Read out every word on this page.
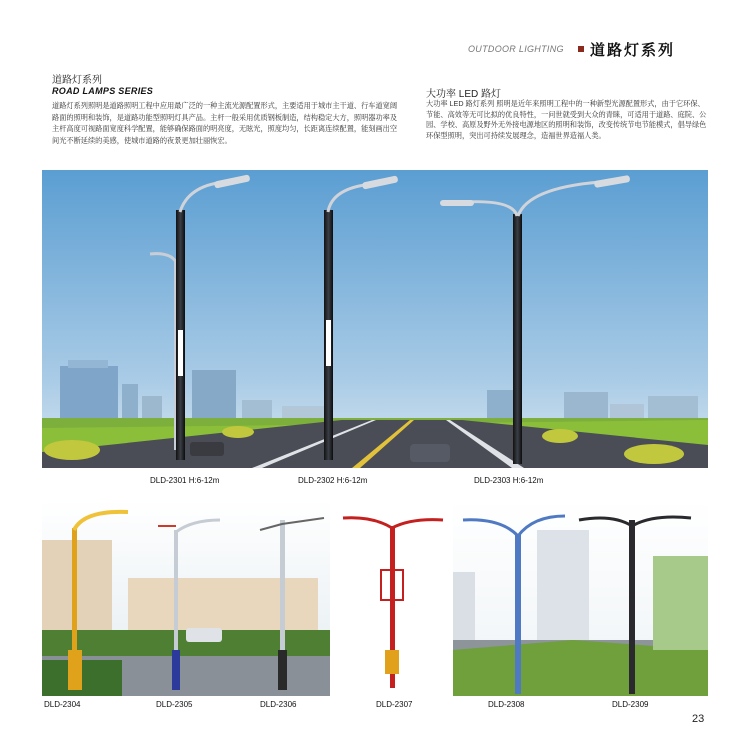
OUTDOOR LIGHTING 道路灯系列
道路灯系列
ROAD LAMPS SERIES
道路灯系列照明是道路照明工程中应用最广泛的一种主流光源配置形式，主要适用于城市主干道、行车道宽阔路面的照明和装饰，是道路功能型照明灯具产品。主杆一般采用优质钢板制造，结构稳定大方，照明器功率及主杆高度可视路面宽度科学配置，能够确保路面的明亮度，无眩光，照度均匀，长距离连续配置，能刻画出空间光不断延续的美感，使城市道路的夜景更加壮丽恢宏。
大功率 LED 路灯
大功率 LED 路灯系列 照明是近年来照明工程中的一种新型光源配置形式，由于它环保、节能、高效等无可比拟的优良特性，一问世就受到大众的青睐，可适用于道路、庭院、公园、学校、高原及野外无外接电源地区的照明和装饰，改变传统节电节能模式，倡导绿色环保型照明，突出可持续发展理念，造福世界造福人类。
DLD-2301 H:6-12m	DLD-2302 H:6-12m	DLD-2303 H:6-12m
DLD-2304	DLD-2305	DLD-2306	DLD-2307	DLD-2308	DLD-2309
23
